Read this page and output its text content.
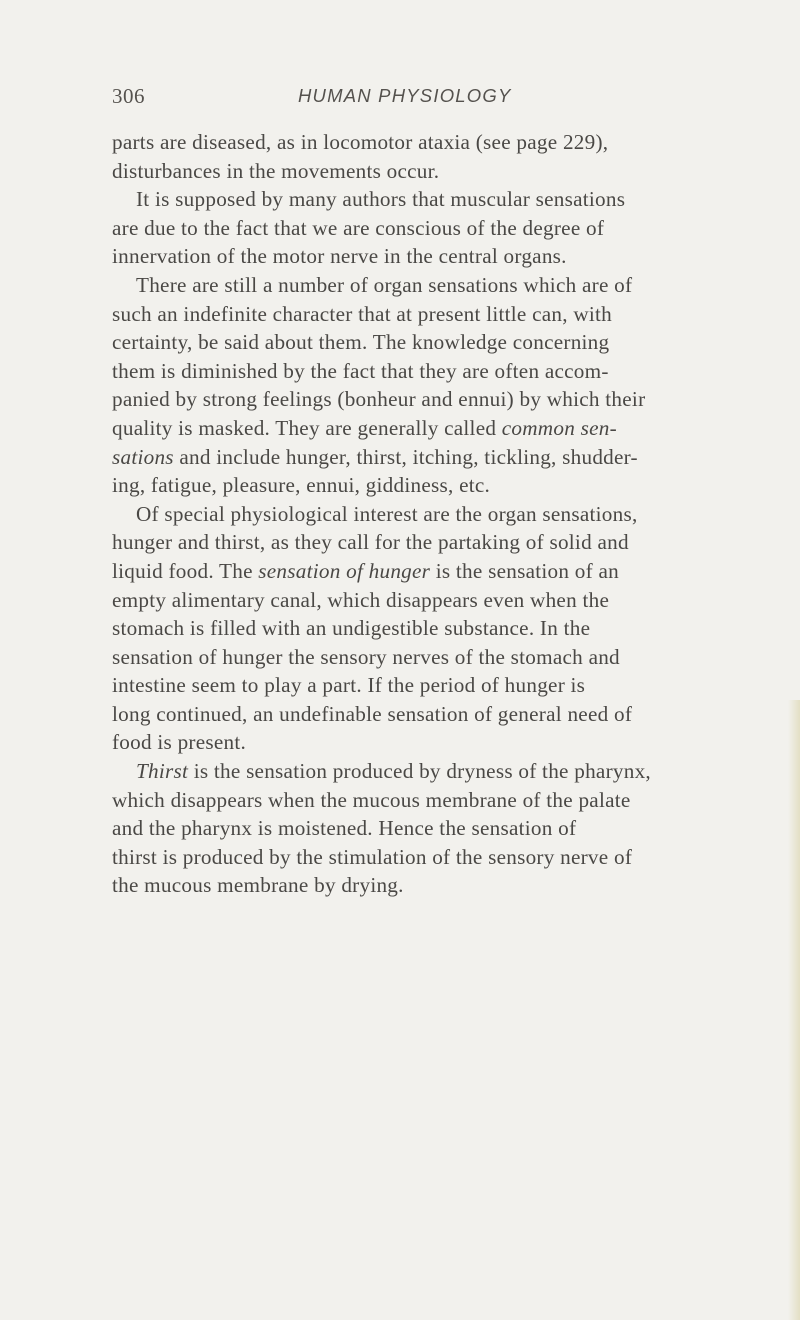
306	HUMAN PHYSIOLOGY
parts are diseased, as in locomotor ataxia (see page 229),
disturbances in the movements occur.
It is supposed by many authors that muscular sensations
are due to the fact that we are conscious of the degree of
innervation of the motor nerve in the central organs.
There are still a number of organ sensations which are of
such an indefinite character that at present little can, with
certainty, be said about them. The knowledge concerning
them is diminished by the fact that they are often accom-
panied by strong feelings (bonheur and ennui) by which their
quality is masked. They are generally called common sen-
sations and include hunger, thirst, itching, tickling, shudder-
ing, fatigue, pleasure, ennui, giddiness, etc.
Of special physiological interest are the organ sensations,
hunger and thirst, as they call for the partaking of solid and
liquid food. The sensation of hunger is the sensation of an
empty alimentary canal, which disappears even when the
stomach is filled with an undigestible substance. In the
sensation of hunger the sensory nerves of the stomach and
intestine seem to play a part. If the period of hunger is
long continued, an undefinable sensation of general need of
food is present.
Thirst is the sensation produced by dryness of the pharynx,
which disappears when the mucous membrane of the palate
and the pharynx is moistened. Hence the sensation of
thirst is produced by the stimulation of the sensory nerve of
the mucous membrane by drying.
